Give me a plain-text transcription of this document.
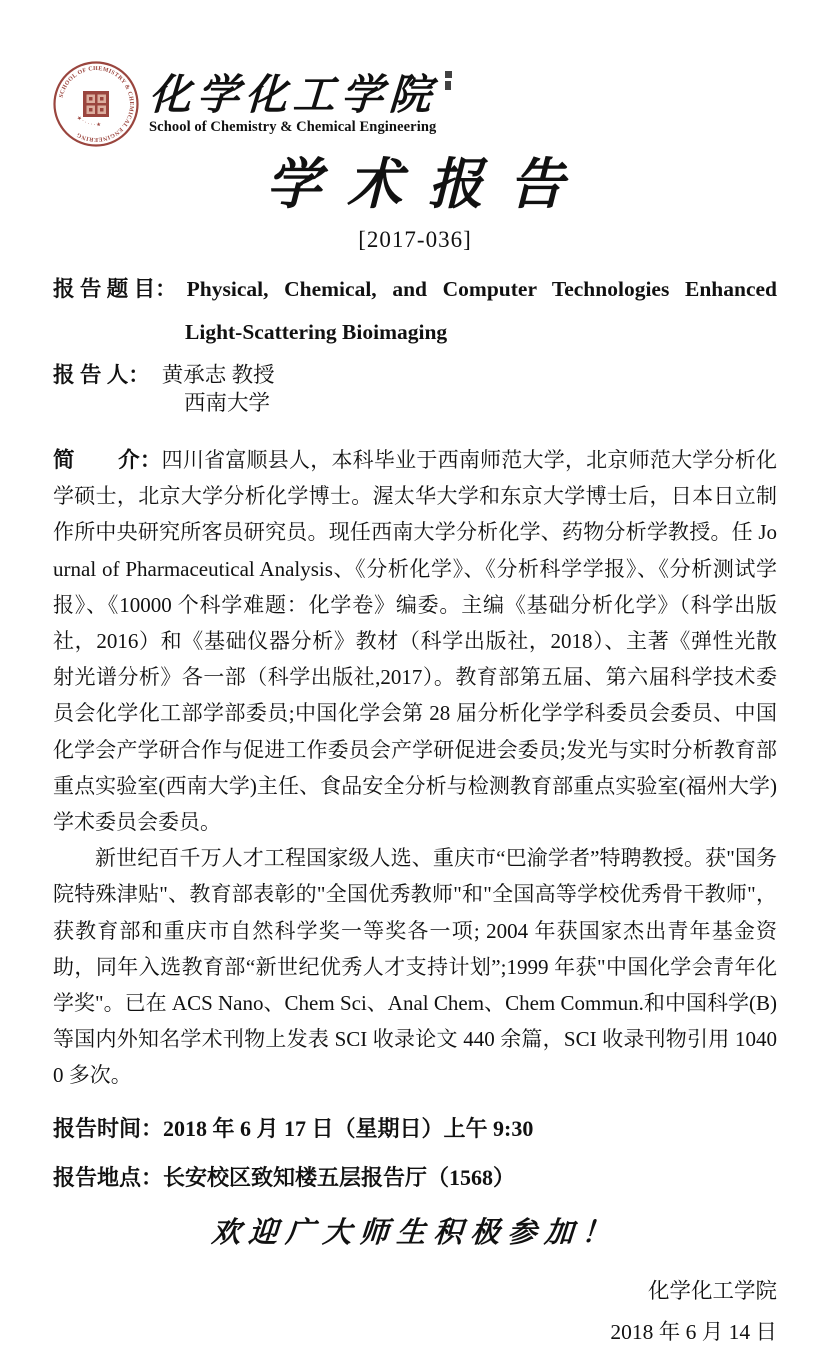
SCHOOL OF CHEMISTRY & CHEMICAL ENGINEERING
★ · · · · · ★
化学化工学院
School of Chemistry & Chemical Engineering
学术报告
[2017-036]
报 告 题 目： Physical, Chemical, and Computer Technologies Enhanced
Light-Scattering Bioimaging
报 告 人： 黄承志 教授
西南大学

简　　介：四川省富顺县人，本科毕业于西南师范大学，北京师范大学分析化学硕士，北京大学分析化学博士。渥太华大学和东京大学博士后，日本日立制作所中央研究所客员研究员。现任西南大学分析化学、药物分析学教授。任 Journal of Pharmaceutical Analysis、《分析化学》、《分析科学学报》、《分析测试学报》、《10000 个科学难题：化学卷》编委。主编《基础分析化学》（科学出版社，2016）和《基础仪器分析》教材（科学出版社，2018）、主著《弹性光散射光谱分析》各一部（科学出版社,2017）。教育部第五届、第六届科学技术委员会化学化工部学部委员;中国化学会第 28 届分析化学学科委员会委员、中国化学会产学研合作与促进工作委员会产学研促进会委员;发光与实时分析教育部重点实验室(西南大学)主任、食品安全分析与检测教育部重点实验室(福州大学)学术委员会委员。

新世纪百千万人才工程国家级人选、重庆市“巴渝学者”特聘教授。获"国务院特殊津贴"、教育部表彰的"全国优秀教师"和"全国高等学校优秀骨干教师"，获教育部和重庆市自然科学奖一等奖各一项; 2004 年获国家杰出青年基金资助，同年入选教育部“新世纪优秀人才支持计划”;1999 年获"中国化学会青年化学奖"。已在 ACS Nano、Chem Sci、Anal Chem、Chem Commun.和中国科学(B)等国内外知名学术刊物上发表 SCI 收录论文 440 余篇，SCI 收录刊物引用 10400 多次。

报告时间：2018 年 6 月 17 日（星期日）上午 9:30
报告地点：长安校区致知楼五层报告厅（1568）
欢迎广大师生积极参加！
化学化工学院
2018 年 6 月 14 日
